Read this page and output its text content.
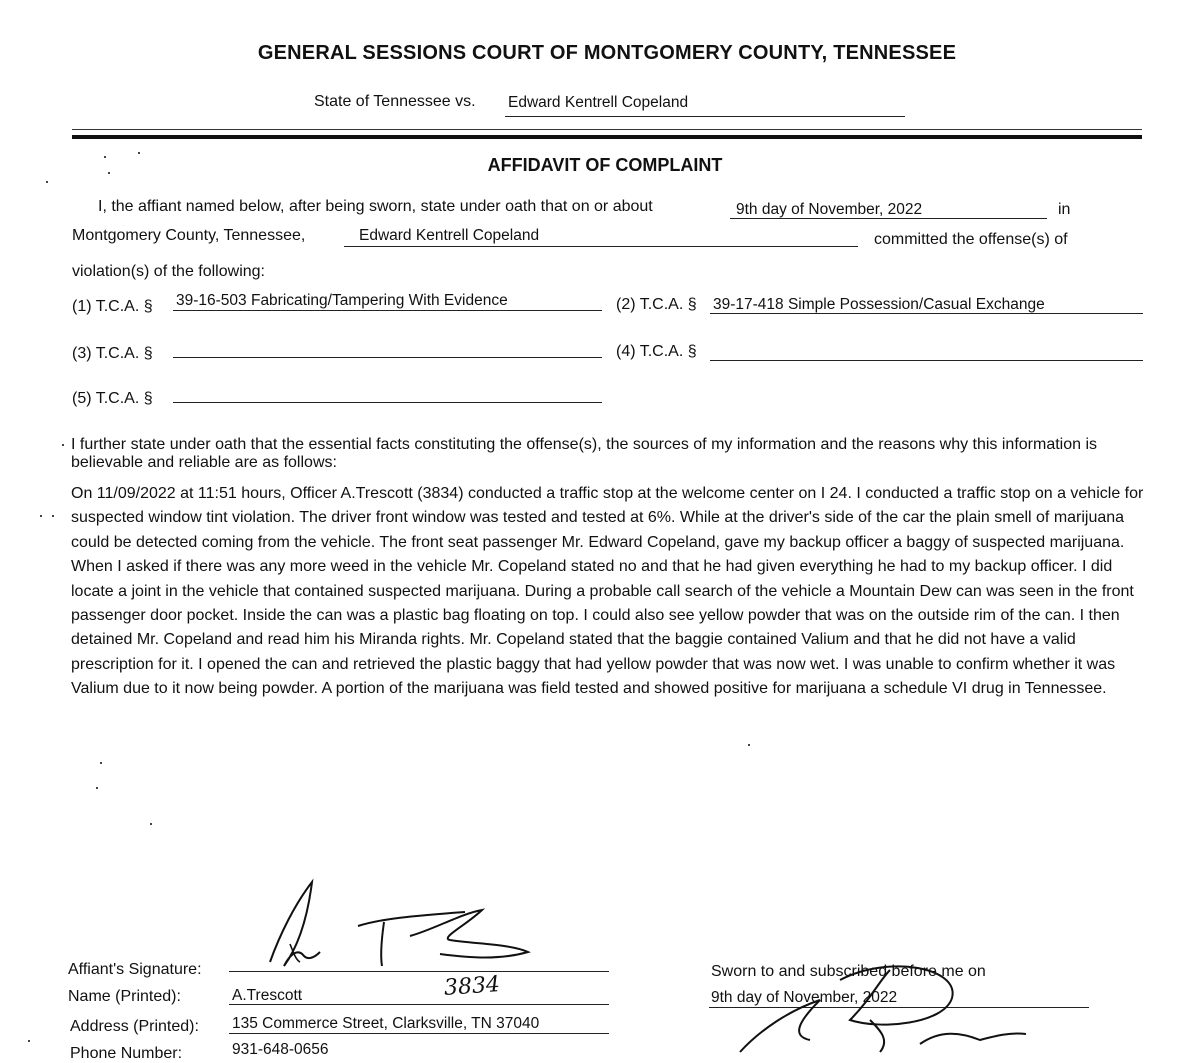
GENERAL SESSIONS COURT OF MONTGOMERY COUNTY, TENNESSEE
State of Tennessee vs. Edward Kentrell Copeland
AFFIDAVIT OF COMPLAINT
I, the affiant named below, after being sworn, state under oath that on or about	9th day of November, 2022	in
Montgomery County, Tennessee,	Edward Kentrell Copeland	committed the offense(s) of
violation(s) of the following:
(1) T.C.A. § 39-16-503 Fabricating/Tampering With Evidence	(2) T.C.A. § 39-17-418 Simple Possession/Casual Exchange
(3) T.C.A. §	(4) T.C.A. §
(5) T.C.A. §
I further state under oath that the essential facts constituting the offense(s), the sources of my information and the reasons why this information is believable and reliable are as follows:
On 11/09/2022 at 11:51 hours, Officer A.Trescott (3834) conducted a traffic stop at the welcome center on I 24. I conducted a traffic stop on a vehicle for suspected window tint violation. The driver front window was tested and tested at 6%. While at the driver's side of the car the plain smell of marijuana could be detected coming from the vehicle. The front seat passenger Mr. Edward Copeland, gave my backup officer a baggy of suspected marijuana. When I asked if there was any more weed in the vehicle Mr. Copeland stated no and that he had given everything he had to my backup officer. I did locate a joint in the vehicle that contained suspected marijuana. During a probable call search of the vehicle a Mountain Dew can was seen in the front passenger door pocket. Inside the can was a plastic bag floating on top. I could also see yellow powder that was on the outside rim of the can. I then detained Mr. Copeland and read him his Miranda rights. Mr. Copeland stated that the baggie contained Valium and that he did not have a valid prescription for it. I opened the can and retrieved the plastic baggy that had yellow powder that was now wet. I was unable to confirm whether it was Valium due to it now being powder. A portion of the marijuana was field tested and showed positive for marijuana a schedule VI drug in Tennessee.
Affiant's Signature:
Name (Printed):	A.Trescott	3834
Address (Printed): 135 Commerce Street, Clarksville, TN 37040
Phone Number:	931-648-0656
Sworn to and subscribed before me on
9th day of November, 2022
